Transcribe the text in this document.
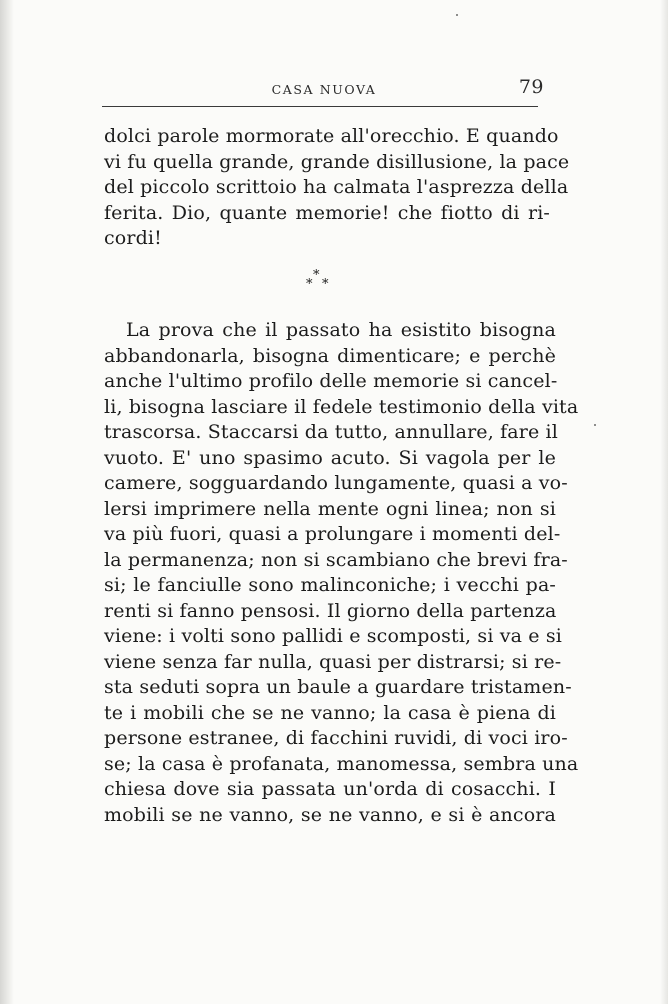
CASA NUOVA	79
dolci parole mormorate all'orecchio. E quando
vi fu quella grande, grande disillusione, la pace
del piccolo scrittoio ha calmata l'asprezza della
ferita. Dio, quante memorie! che fiotto di ri-
cordi!
*
* *
La prova che il passato ha esistito bisogna
abbandonarla, bisogna dimenticare; e perchè
anche l'ultimo profilo delle memorie si cancel-
li, bisogna lasciare il fedele testimonio della vita
trascorsa. Staccarsi da tutto, annullare, fare il
vuoto. E' uno spasimo acuto. Si vagola per le
camere, sogguardando lungamente, quasi a vo-
lersi imprimere nella mente ogni linea; non si
va più fuori, quasi a prolungare i momenti del-
la permanenza; non si scambiano che brevi fra-
si; le fanciulle sono malinconiche; i vecchi pa-
renti si fanno pensosi. Il giorno della partenza
viene: i volti sono pallidi e scomposti, si va e si
viene senza far nulla, quasi per distrarsi; si re-
sta seduti sopra un baule a guardare tristamen-
te i mobili che se ne vanno; la casa è piena di
persone estranee, di facchini ruvidi, di voci iro-
se; la casa è profanata, manomessa, sembra una
chiesa dove sia passata un'orda di cosacchi. I
mobili se ne vanno, se ne vanno, e si è ancora
